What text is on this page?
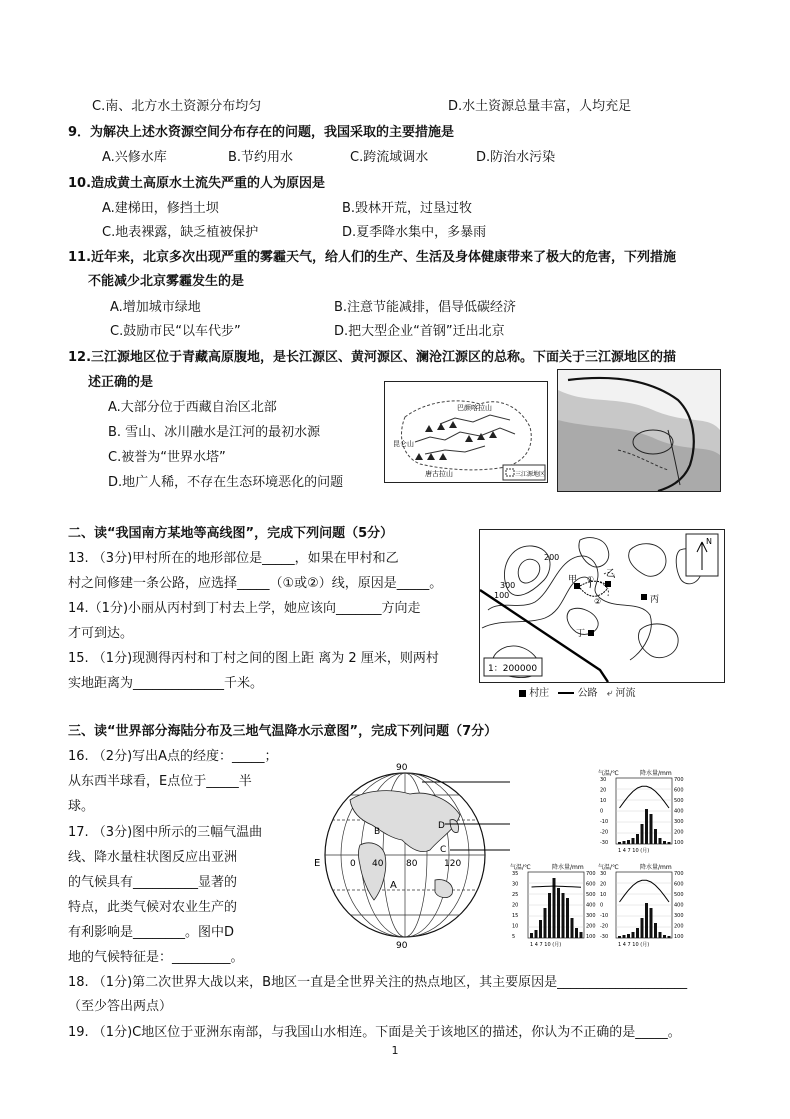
C.南、北方水土资源分布均匀	D.水土资源总量丰富，人均充足
9．为解决上述水资源空间分布存在的问题，我国采取的主要措施是
A.兴修水库	B.节约用水	C.跨流域调水	D.防治水污染
10.造成黄土高原水土流失严重的人为原因是
A.建梯田，修挡土坝	B.毁林开荒，过垦过牧
C.地表裸露，缺乏植被保护	D.夏季降水集中，多暴雨
11.近年来，北京多次出现严重的雾霾天气，给人们的生产、生活及身体健康带来了极大的危害，下列措施
不能减少北京雾霾发生的是
A.增加城市绿地	B.注意节能减排，倡导低碳经济
C.鼓励市民“以车代步”	D.把大型企业“首钢”迁出北京
12.三江源地区位于青藏高原腹地，是长江源区、黄河源区、澜沧江源区的总称。下面关于三江源地区的描
述正确的是
A.大部分位于西藏自治区北部
B. 雪山、冰川融水是江河的最初水源
C.被誉为“世界水塔”
D.地广人稀，不存在生态环境恶化的问题
巴颜喀拉山
昆仑山
唐古拉山	三江源地区
二、读“我国南方某地等高线图”，完成下列问题（5分）
13. （3分)甲村所在的地形部位是_____，如果在甲村和乙
村之间修建一条公路，应选择_____（①或②）线，原因是_____。
14.（1分)小丽从丙村到丁村去上学，她应该向_______方向走
才可到达。
15. （1分)现测得丙村和丁村之间的图上距 离为 2 厘米，则两村
实地距离为______________千米。
200
300
100
甲
乙
丙
丁
①
②
N
1：200000
村庄	公路 ⤶ 河流
三、读“世界部分海陆分布及三地气温降水示意图”，完成下列问题（7分）
16. （2分)写出A点的经度：_____；
从东西半球看，E点位于_____半
球。
17. （3分)图中所示的三幅气温曲
线、降水量柱状图反应出亚洲
的气候具有__________显著的
特点，此类气候对农业生产的
有利影响是________。图中D
地的气候特征是：_________。
90
90
0 40	80	120
E
A
B
C
D
气温/℃	降水量/mm
30
20
10
0
-10
-20
-30
700
600
500
400
300
200
100
1 4 7 10 (月)
气温/℃	降水量/mm
35
30
25
20
15
10
5
700
600
500
400
300
200
100
1 4 7 10 (月)
气温/℃	降水量/mm
30
20
10
0
-10
-20
-30
700
600
500
400
300
200
100
1 4 7 10 (月)
18. （1分)第二次世界大战以来，B地区一直是全世界关注的热点地区，其主要原因是____________________
（至少答出两点）
19. （1分)C地区位于亚洲东南部，与我国山水相连。下面是关于该地区的描述，你认为不正确的是_____。
1
